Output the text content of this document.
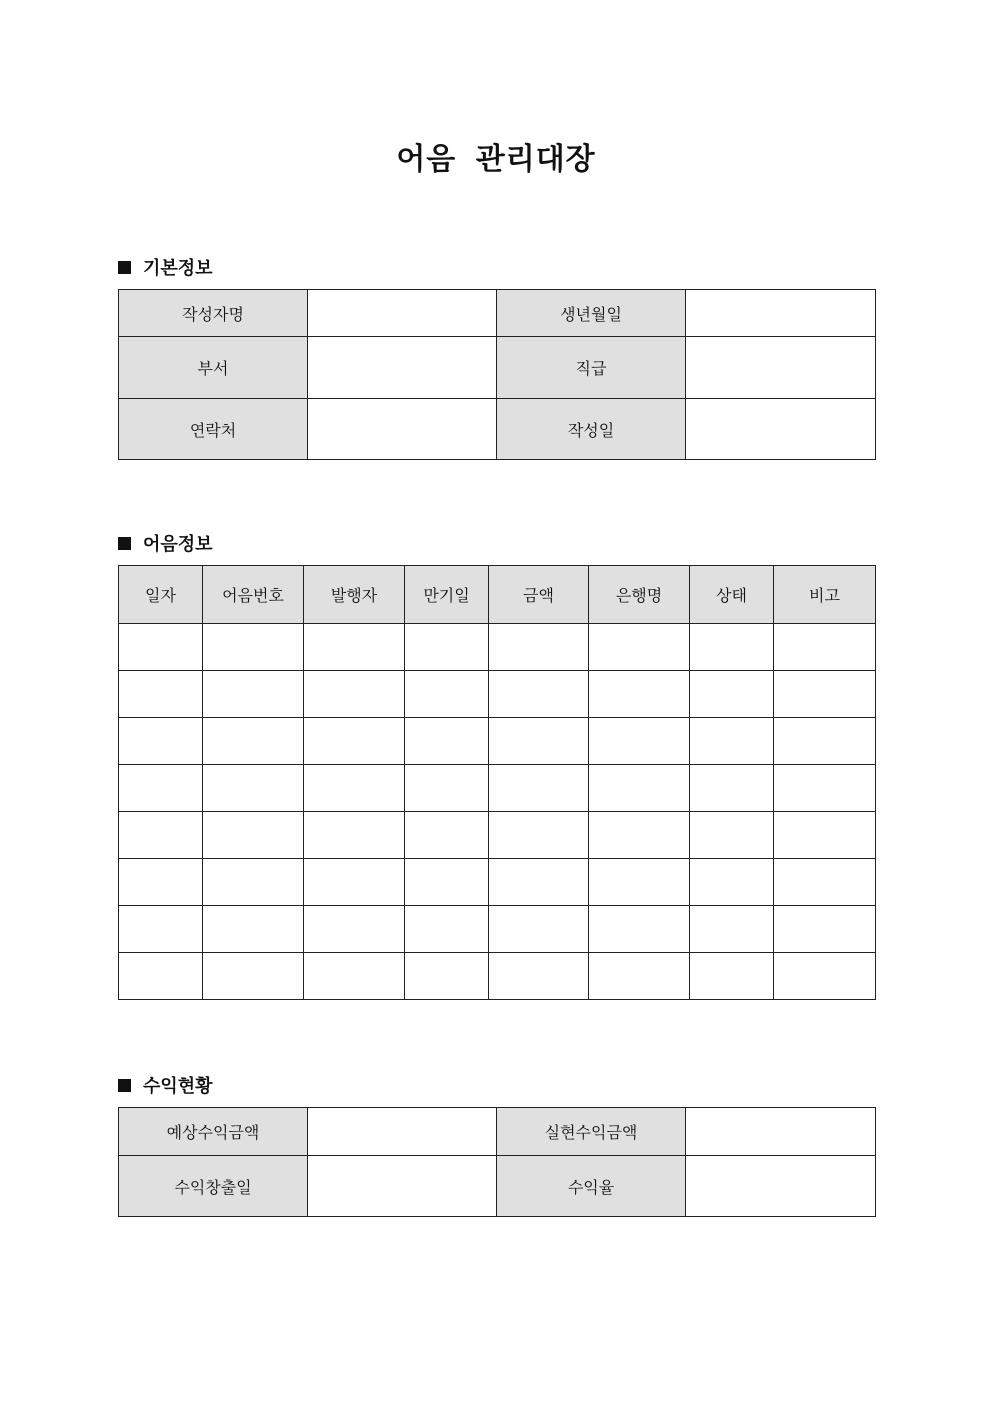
어음 관리대장
기본정보
작성자명		생년월일	
부서		직급	
연락처		작성일	
어음정보
일자	어음번호	발행자	만기일	금액	은행명	상태	비고

수익현황
예상수익금액		실현수익금액	
수익창출일		수익율	
